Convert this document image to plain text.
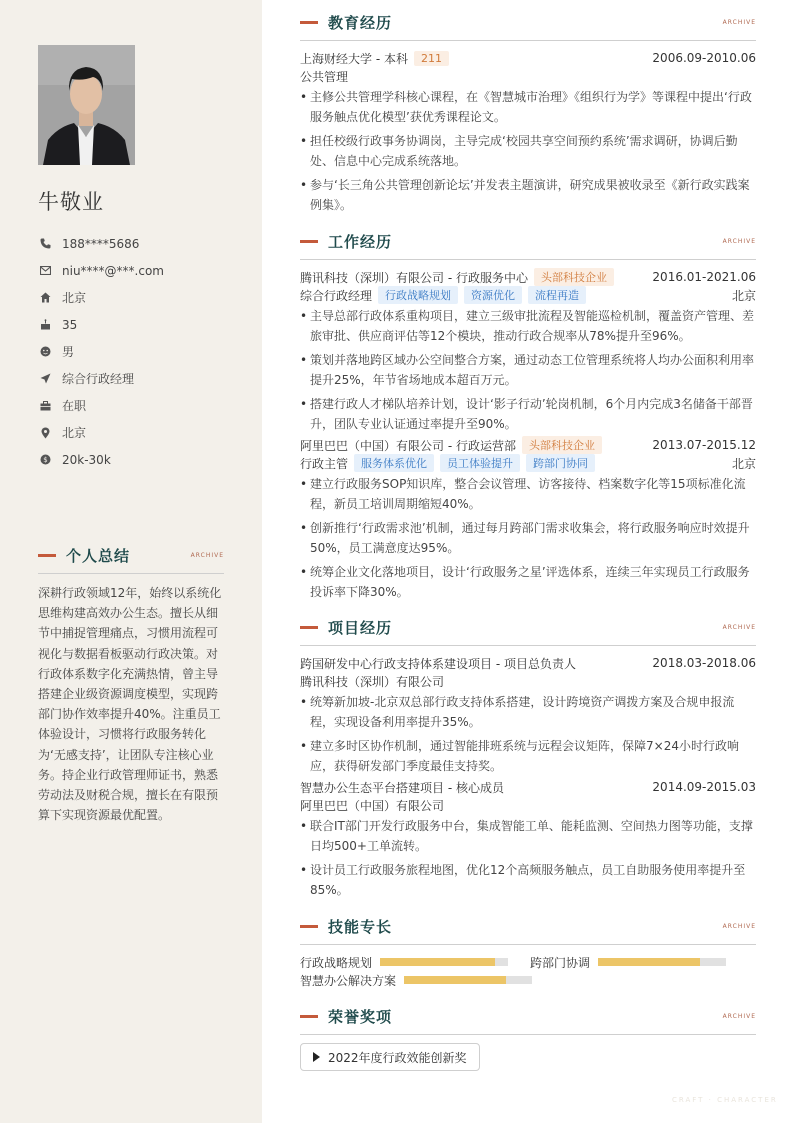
牛敬业
188****5686
niu****@***.com
北京
35
男
综合行政经理
在职
北京
$ 20k-30k
个人总结	ARCHIVE
深耕行政领域12年，始终以系统化思维构建高效办公生态。擅长从细节中捕捉管理痛点，习惯用流程可视化与数据看板驱动行政决策。对行政体系数字化充满热情，曾主导搭建企业级资源调度模型，实现跨部门协作效率提升40%。注重员工体验设计，习惯将行政服务转化为‘无感支持’，让团队专注核心业务。持企业行政管理师证书，熟悉劳动法及财税合规，擅长在有限预算下实现资源最优配置。
教育经历	ARCHIVE
上海财经大学 - 本科	211	2006.09-2010.06
公共管理
• 主修公共管理学科核心课程，在《智慧城市治理》《组织行为学》等课程中提出‘行政服务触点优化模型’获优秀课程论文。
• 担任校级行政事务协调岗，主导完成‘校园共享空间预约系统’需求调研，协调后勤处、信息中心完成系统落地。
• 参与‘长三角公共管理创新论坛’并发表主题演讲，研究成果被收录至《新行政实践案例集》。
工作经历	ARCHIVE
腾讯科技（深圳）有限公司 - 行政服务中心	头部科技企业	2016.01-2021.06
综合行政经理	行政战略规划	资源优化	流程再造	北京
• 主导总部行政体系重构项目，建立三级审批流程及智能巡检机制，覆盖资产管理、差旅审批、供应商评估等12个模块，推动行政合规率从78%提升至96%。
• 策划并落地跨区域办公空间整合方案，通过动态工位管理系统将人均办公面积利用率提升25%，年节省场地成本超百万元。
• 搭建行政人才梯队培养计划，设计‘影子行动’轮岗机制，6个月内完成3名储备干部晋升，团队专业认证通过率提升至90%。
阿里巴巴（中国）有限公司 - 行政运营部	头部科技企业	2013.07-2015.12
行政主管	服务体系优化	员工体验提升	跨部门协同	北京
• 建立行政服务SOP知识库，整合会议管理、访客接待、档案数字化等15项标准化流程，新员工培训周期缩短40%。
• 创新推行‘行政需求池’机制，通过每月跨部门需求收集会，将行政服务响应时效提升50%，员工满意度达95%。
• 统筹企业文化落地项目，设计‘行政服务之星’评选体系，连续三年实现员工行政服务投诉率下降30%。
项目经历	ARCHIVE
跨国研发中心行政支持体系建设项目 - 项目总负责人	2018.03-2018.06
腾讯科技（深圳）有限公司
• 统筹新加坡-北京双总部行政支持体系搭建，设计跨境资产调拨方案及合规申报流程，实现设备利用率提升35%。
• 建立多时区协作机制，通过智能排班系统与远程会议矩阵，保障7×24小时行政响应，获得研发部门季度最佳支持奖。
智慧办公生态平台搭建项目 - 核心成员	2014.09-2015.03
阿里巴巴（中国）有限公司
• 联合IT部门开发行政服务中台，集成智能工单、能耗监测、空间热力图等功能，支撑日均500+工单流转。
• 设计员工行政服务旅程地图，优化12个高频服务触点，员工自助服务使用率提升至85%。
技能专长	ARCHIVE
行政战略规划	跨部门协调
智慧办公解决方案
荣誉奖项	ARCHIVE
2022年度行政效能创新奖
CRAFT · CHARACTER
